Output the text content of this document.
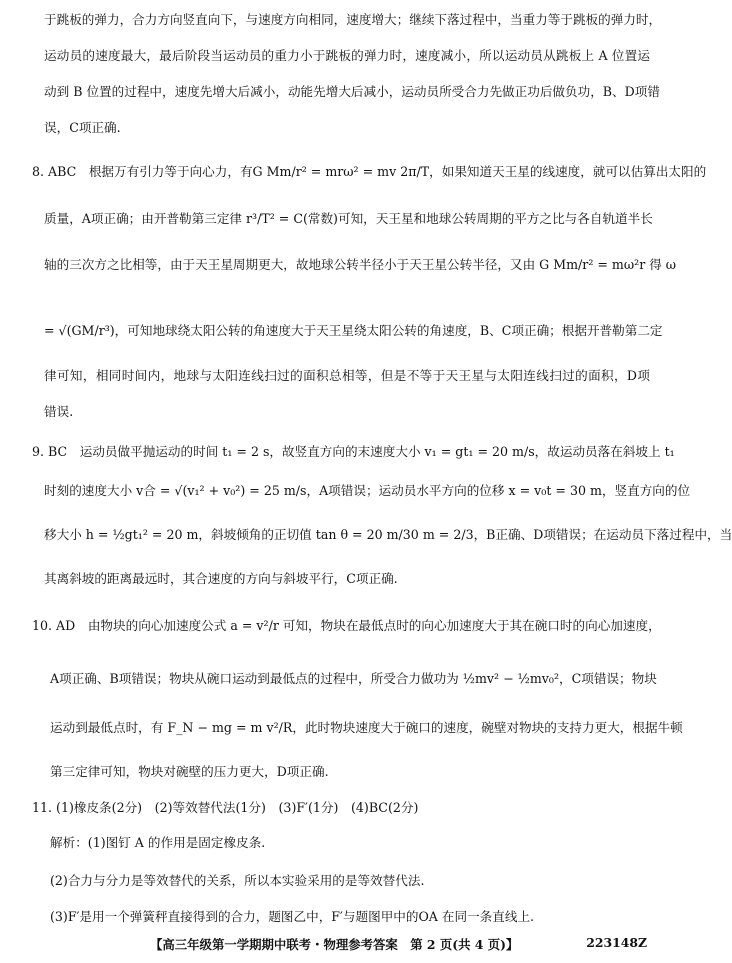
于跳板的弹力，合力方向竖直向下，与速度方向相同，速度增大；继续下落过程中，当重力等于跳板的弹力时，
运动员的速度最大，最后阶段当运动员的重力小于跳板的弹力时，速度减小，所以运动员从跳板上 A 位置运
动到 B 位置的过程中，速度先增大后减小，动能先增大后减小，运动员所受合力先做正功后做负功，B、D项错
误，C项正确.
8. ABC　根据万有引力等于向心力，有G Mm/r² = mrω² = mv 2π/T，如果知道天王星的线速度，就可以估算出太阳的
质量，A项正确；由开普勒第三定律 r³/T² = C(常数)可知，天王星和地球公转周期的平方之比与各自轨道半长
轴的三次方之比相等，由于天王星周期更大，故地球公转半径小于天王星公转半径，又由 G Mm/r² = mω²r 得 ω
= √(GM/r³)，可知地球绕太阳公转的角速度大于天王星绕太阳公转的角速度，B、C项正确；根据开普勒第二定
律可知，相同时间内，地球与太阳连线扫过的面积总相等，但是不等于天王星与太阳连线扫过的面积，D项
错误.
9. BC　运动员做平抛运动的时间 t₁ = 2 s，故竖直方向的末速度大小 v₁ = gt₁ = 20 m/s，故运动员落在斜坡上 t₁
时刻的速度大小 v合 = √(v₁² + v₀²) = 25 m/s，A项错误；运动员水平方向的位移 x = v₀t = 30 m，竖直方向的位
移大小 h = ½gt₁² = 20 m，斜坡倾角的正切值 tan θ = 20 m/30 m = 2/3，B正确、D项错误；在运动员下落过程中，当
其离斜坡的距离最远时，其合速度的方向与斜坡平行，C项正确.
10. AD　由物块的向心加速度公式 a = v²/r 可知，物块在最低点时的向心加速度大于其在碗口时的向心加速度，
A项正确、B项错误；物块从碗口运动到最低点的过程中，所受合力做功为 ½mv² − ½mv₀²，C项错误；物块
运动到最低点时，有 F_N − mg = m v²/R，此时物块速度大于碗口的速度，碗壁对物块的支持力更大，根据牛顿
第三定律可知，物块对碗壁的压力更大，D项正确.
11. (1)橡皮条(2分)　(2)等效替代法(1分)　(3)F′(1分)　(4)BC(2分)
解析：(1)图钉 A 的作用是固定橡皮条.
(2)合力与分力是等效替代的关系，所以本实验采用的是等效替代法.
(3)F′是用一个弹簧秤直接得到的合力，题图乙中，F′与题图甲中的OA 在同一条直线上.
【高三年级第一学期期中联考・物理参考答案　第 2 页(共 4 页)】	223148Z
